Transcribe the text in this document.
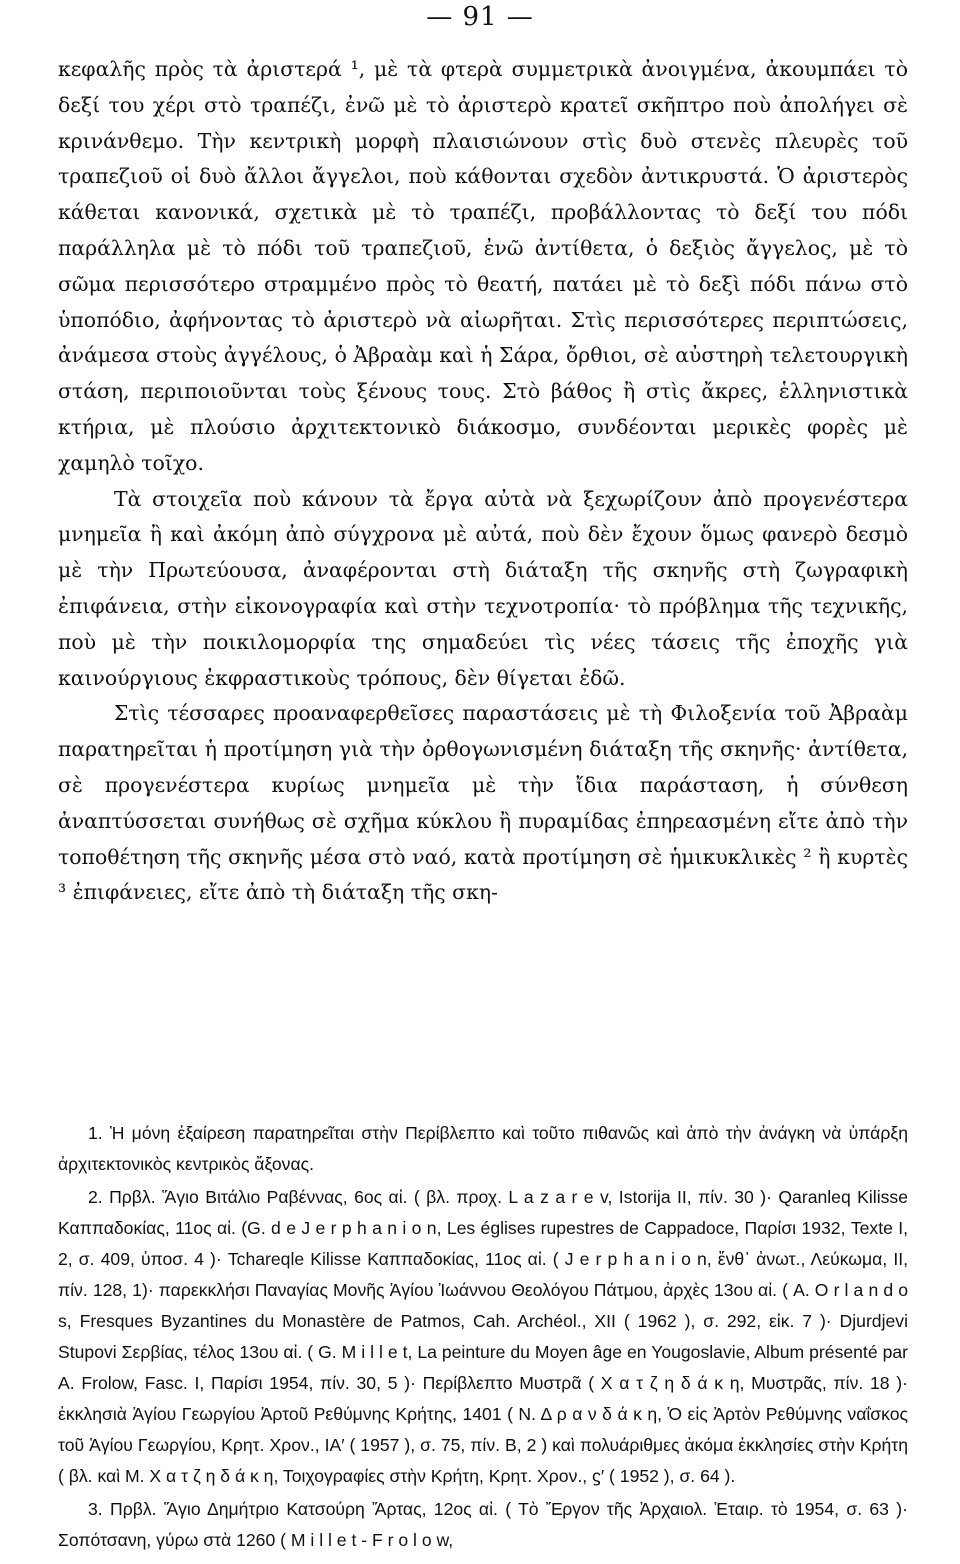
— 91 —

κεφαλῆς πρὸς τὰ ἀριστερά ¹, μὲ τὰ φτερὰ συμμετρικὰ ἀνοιγμένα, ἀκουμπάει τὸ δεξί του χέρι στὸ τραπέζι, ἐνῶ μὲ τὸ ἀριστερὸ κρατεῖ σκῆπτρο ποὺ ἀπολήγει σὲ κρινάνθεμο. Τὴν κεντρικὴ μορφὴ πλαισιώνουν στὶς δυὸ στενὲς πλευρὲς τοῦ τραπεζιοῦ οἱ δυὸ ἄλλοι ἄγγελοι, ποὺ κάθονται σχεδὸν ἀντικρυστά. Ὁ ἀριστερὸς κάθεται κανονικά, σχετικὰ μὲ τὸ τραπέζι, προβάλλοντας τὸ δεξί του πόδι παράλληλα μὲ τὸ πόδι τοῦ τραπεζιοῦ, ἐνῶ ἀντίθετα, ὁ δεξιὸς ἄγγελος, μὲ τὸ σῶμα περισσότερο στραμμένο πρὸς τὸ θεατή, πατάει μὲ τὸ δεξὶ πόδι πάνω στὸ ὑποπόδιο, ἀφήνοντας τὸ ἀριστερὸ νὰ αἰωρῆται. Στὶς περισσότερες περιπτώσεις, ἀνάμεσα στοὺς ἀγγέλους, ὁ Ἀβραὰμ καὶ ἡ Σάρα, ὄρθιοι, σὲ αὐστηρὴ τελετουργικὴ στάση, περιποιοῦνται τοὺς ξένους τους. Στὸ βάθος ἢ στὶς ἄκρες, ἑλληνιστικὰ κτήρια, μὲ πλούσιο ἀρχιτεκτονικὸ διάκοσμο, συνδέονται μερικὲς φορὲς μὲ χαμηλὸ τοῖχο.

Τὰ στοιχεῖα ποὺ κάνουν τὰ ἔργα αὐτὰ νὰ ξεχωρίζουν ἀπὸ προγενέστερα μνημεῖα ἢ καὶ ἀκόμη ἀπὸ σύγχρονα μὲ αὐτά, ποὺ δὲν ἔχουν ὅμως φανερὸ δεσμὸ μὲ τὴν Πρωτεύουσα, ἀναφέρονται στὴ διάταξη τῆς σκηνῆς στὴ ζωγραφικὴ ἐπιφάνεια, στὴν εἰκονογραφία καὶ στὴν τεχνοτροπία· τὸ πρόβλημα τῆς τεχνικῆς, ποὺ μὲ τὴν ποικιλομορφία της σημαδεύει τὶς νέες τάσεις τῆς ἐποχῆς γιὰ καινούργιους ἐκφραστικοὺς τρόπους, δὲν θίγεται ἐδῶ.

Στὶς τέσσαρες προαναφερθεῖσες παραστάσεις μὲ τὴ Φιλοξενία τοῦ Ἀβραὰμ παρατηρεῖται ἡ προτίμηση γιὰ τὴν ὀρθογωνισμένη διάταξη τῆς σκηνῆς· ἀντίθετα, σὲ προγενέστερα κυρίως μνημεῖα μὲ τὴν ἴδια παράσταση, ἡ σύνθεση ἀναπτύσσεται συνήθως σὲ σχῆμα κύκλου ἢ πυραμίδας ἐπηρεασμένη εἴτε ἀπὸ τὴν τοποθέτηση τῆς σκηνῆς μέσα στὸ ναό, κατὰ προτίμηση σὲ ἡμικυκλικὲς ² ἢ κυρτὲς ³ ἐπιφάνειες, εἴτε ἀπὸ τὴ διάταξη τῆς σκη-

1. Ἡ μόνη ἐξαίρεση παρατηρεῖται στὴν Περίβλεπτο καὶ τοῦτο πιθανῶς καὶ ἀπὸ τὴν ἀνάγκη νὰ ὑπάρξη ἀρχιτεκτονικὸς κεντρικὸς ἄξονας.

2. Πρβλ. Ἅγιο Βιτάλιο Ραβέννας, 6ος αἰ. ( βλ. προχ. L a z a r e v, Istorija II, πίν. 30 )· Qaranleq Kilisse Καππαδοκίας, 11ος αἰ. (G. d e J e r p h a n i o n, Les églises rupestres de Cappadoce, Παρίσι 1932, Texte I, 2, σ. 409, ὑποσ. 4 )· Tchareqle Kilisse Καππαδοκίας, 11ος αἰ. ( J e r p h a n i o n, ἔνθ᾽ ἀνωτ., Λεύκωμα, II, πίν. 128, 1)· παρεκκλήσι Παναγίας Μονῆς Ἁγίου Ἰωάννου Θεολόγου Πάτμου, ἀρχὲς 13ου αἰ. ( A. O r l a n d o s, Fresques Byzantines du Monastère de Patmos, Cah. Archéol., XII ( 1962 ), σ. 292, εἰκ. 7 )· Djurdjevi Stupovi Σερβίας, τέλος 13ου αἰ. ( G. M i l l e t, La peinture du Moyen âge en Yougoslavie, Album présenté par A. Frolow, Fasc. I, Παρίσι 1954, πίν. 30, 5 )· Περίβλεπτο Μυστρᾶ ( Χ α τ ζ η δ ά κ η, Μυστρᾶς, πίν. 18 )· ἐκκλησιὰ Ἁγίου Γεωργίου Ἀρτοῦ Ρεθύμνης Κρήτης, 1401 ( Ν. Δ ρ α ν δ ά κ η, Ὁ εἰς Ἀρτὸν Ρεθύμνης ναΐσκος τοῦ Ἁγίου Γεωργίου, Κρητ. Χρον., ΙΑ′ ( 1957 ), σ. 75, πίν. Β, 2 ) καὶ πολυάριθμες ἀκόμα ἐκκλησίες στὴν Κρήτη ( βλ. καὶ Μ. Χ α τ ζ η δ ά κ η, Τοιχογραφίες στὴν Κρήτη, Κρητ. Χρον., ϛ′ ( 1952 ), σ. 64 ).

3. Πρβλ. Ἅγιο Δημήτριο Κατσούρη Ἄρτας, 12ος αἰ. ( Τὸ Ἔργον τῆς Ἀρχαιολ. Ἑταιρ. τὸ 1954, σ. 63 )· Σοπότσανη, γύρω στὰ 1260 ( M i l l e t - F r o l o w,
